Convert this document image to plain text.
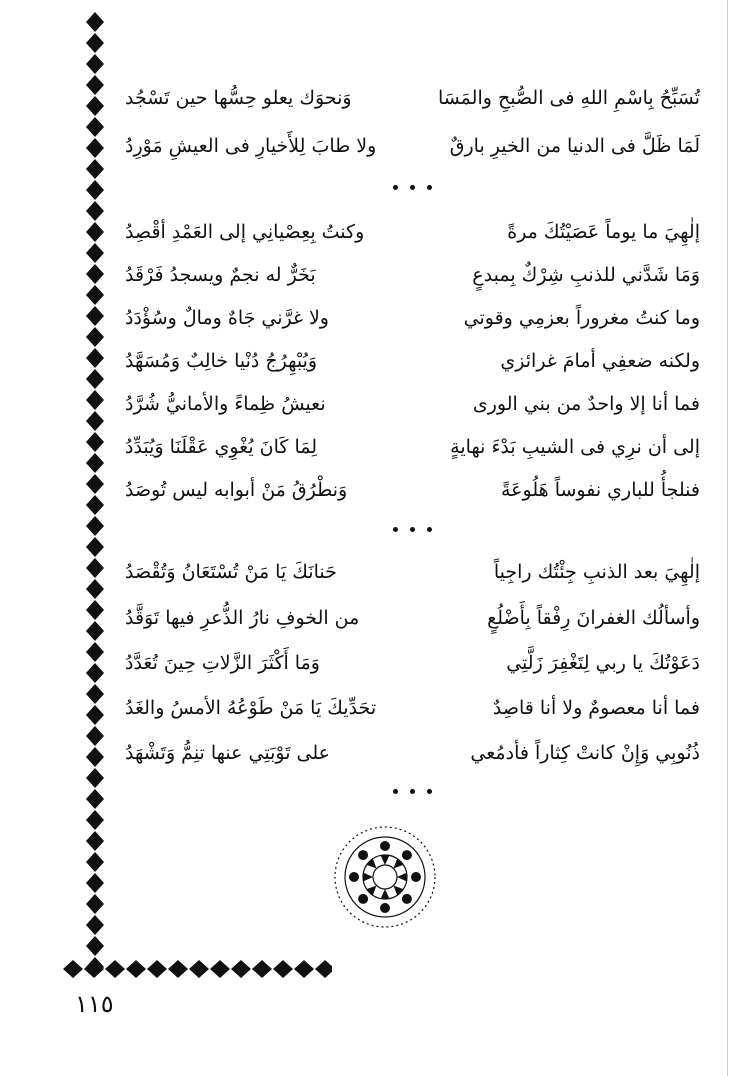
تُسَبِّحُ بِاسْمِ اللهِ فى الصُّبحِ والمَسَا
وَنحوَك يعلو حِسُّها حين تَسْجُد
لَمَا ظَلَّ فى الدنيا من الخيرِ بارقٌ
ولا طابَ لِلأَخيارِ فى العيشِ مَوْرِدُ
إلٰهِيَ ما يوماً عَصَيْتُكَ مرةً
وكنتُ بِعِصْيانِي إلى العَمْدِ أقْصِدُ
وَمَا شَدَّني للذنبِ شِرْكٌ بِمبدعٍ
بَخَرٌّ له نجمٌ ويسجدُ فَرْقَدُ
وما كنتُ مغروراً بعزمِي وقوتي
ولا غرَّني جَاهٌ ومالٌ وسُؤْدَدُ
ولكنه ضعفِي أمامَ غرائزي
وَيُبْهِرُجُ دُنْيا خالِبٌ وَمُسَهَّدُ
فما أنا إلا واحدٌ من بني الورى
نعيشُ ظِماءً والأمانيُّ شُرَّدُ
إلى أن نرِي فى الشيبِ بَدْءَ نهايةٍ
لِمَا كَانَ يُغْوِي عَقْلَنَا وَيُبَدِّدُ
فنلجأُ للباري نفوساً هَلُوعَةً
وَنطْرُقُ مَنْ أبوابه ليس تُوصَدُ
إلٰهِيَ بعد الذنبِ جِئْتُك راجِياً
حَنانَكَ يَا مَنْ تُسْتَعَانُ وَتُقْصَدُ
وأسألُك الغفرانَ رِفْقاً بِأَضْلُعٍ
من الخوفِ نارُ الذُّعرِ فيها تَوَقَّدُ
دَعَوْتُكَ يا ربي لِتَغْفِرَ زَلَّتِي
وَمَا أَكْثَرَ الزَّلاتِ حِينَ تُعَدَّدُ
فما أنا معصومٌ ولا أنا قاصِدٌ
تحَدِّيكَ يَا مَنْ طَوْعُهُ الأمسُ والغَدُ
ذُنُوبِي وَإِنْ كانتْ كِثاراً فأدمُعي
على تَوْبَتِي عنها تنِمُّ وَتَشْهَدُ
١١٥
